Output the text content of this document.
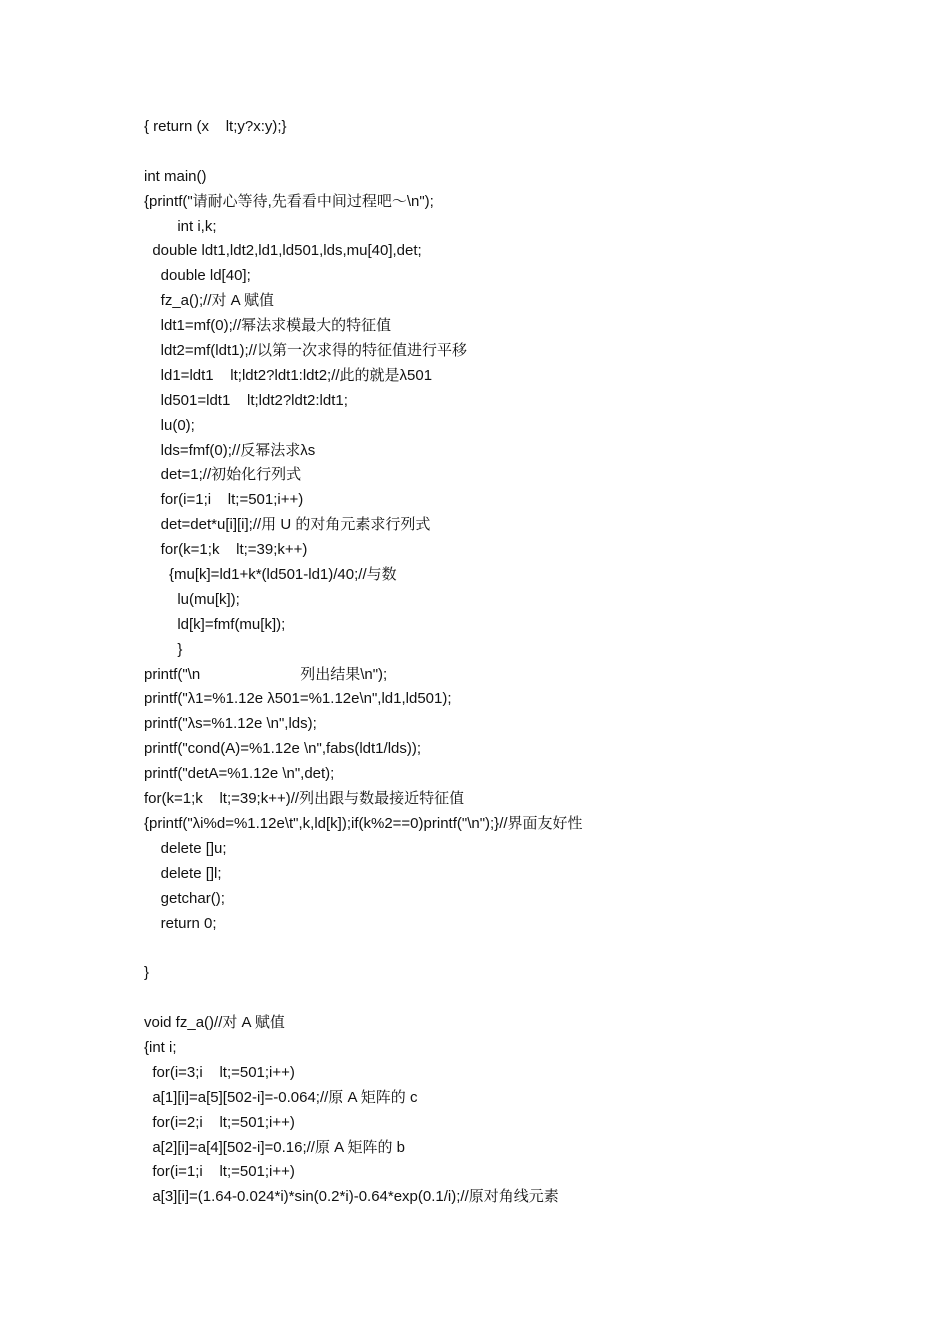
{ return (x    lt;y?x:y);}
int main()
{printf("请耐心等待,先看看中间过程吧～\n");
int i,k;
double ldt1,ldt2,ld1,ld501,lds,mu[40],det;
double ld[40];
fz_a();//对 A 赋值
ldt1=mf(0);//幂法求模最大的特征值
ldt2=mf(ldt1);//以第一次求得的特征值进行平移
ld1=ldt1    lt;ldt2?ldt1:ldt2;//此的就是λ501
ld501=ldt1    lt;ldt2?ldt2:ldt1;
lu(0);
lds=fmf(0);//反幂法求λs
det=1;//初始化行列式
for(i=1;i    lt;=501;i++)
det=det*u[i][i];//用 U 的对角元素求行列式
for(k=1;k    lt;=39;k++)
{mu[k]=ld1+k*(ld501-ld1)/40;//与数
lu(mu[k]);
ld[k]=fmf(mu[k]);
}
printf("\n                        列出结果\n");
printf("λ1=%1.12e λ501=%1.12e\n",ld1,ld501);
printf("λs=%1.12e \n",lds);
printf("cond(A)=%1.12e \n",fabs(ldt1/lds));
printf("detA=%1.12e \n",det);
for(k=1;k    lt;=39;k++)//列出跟与数最接近特征值
{printf("λi%d=%1.12e\t",k,ld[k]);if(k%2==0)printf("\n");}//界面友好性
delete []u;
delete []l;
getchar();
return 0;
}
void fz_a()//对 A 赋值
{int i;
for(i=3;i    lt;=501;i++)
a[1][i]=a[5][502-i]=-0.064;//原 A 矩阵的 c
for(i=2;i    lt;=501;i++)
a[2][i]=a[4][502-i]=0.16;//原 A 矩阵的 b
for(i=1;i    lt;=501;i++)
a[3][i]=(1.64-0.024*i)*sin(0.2*i)-0.64*exp(0.1/i);//原对角线元素
